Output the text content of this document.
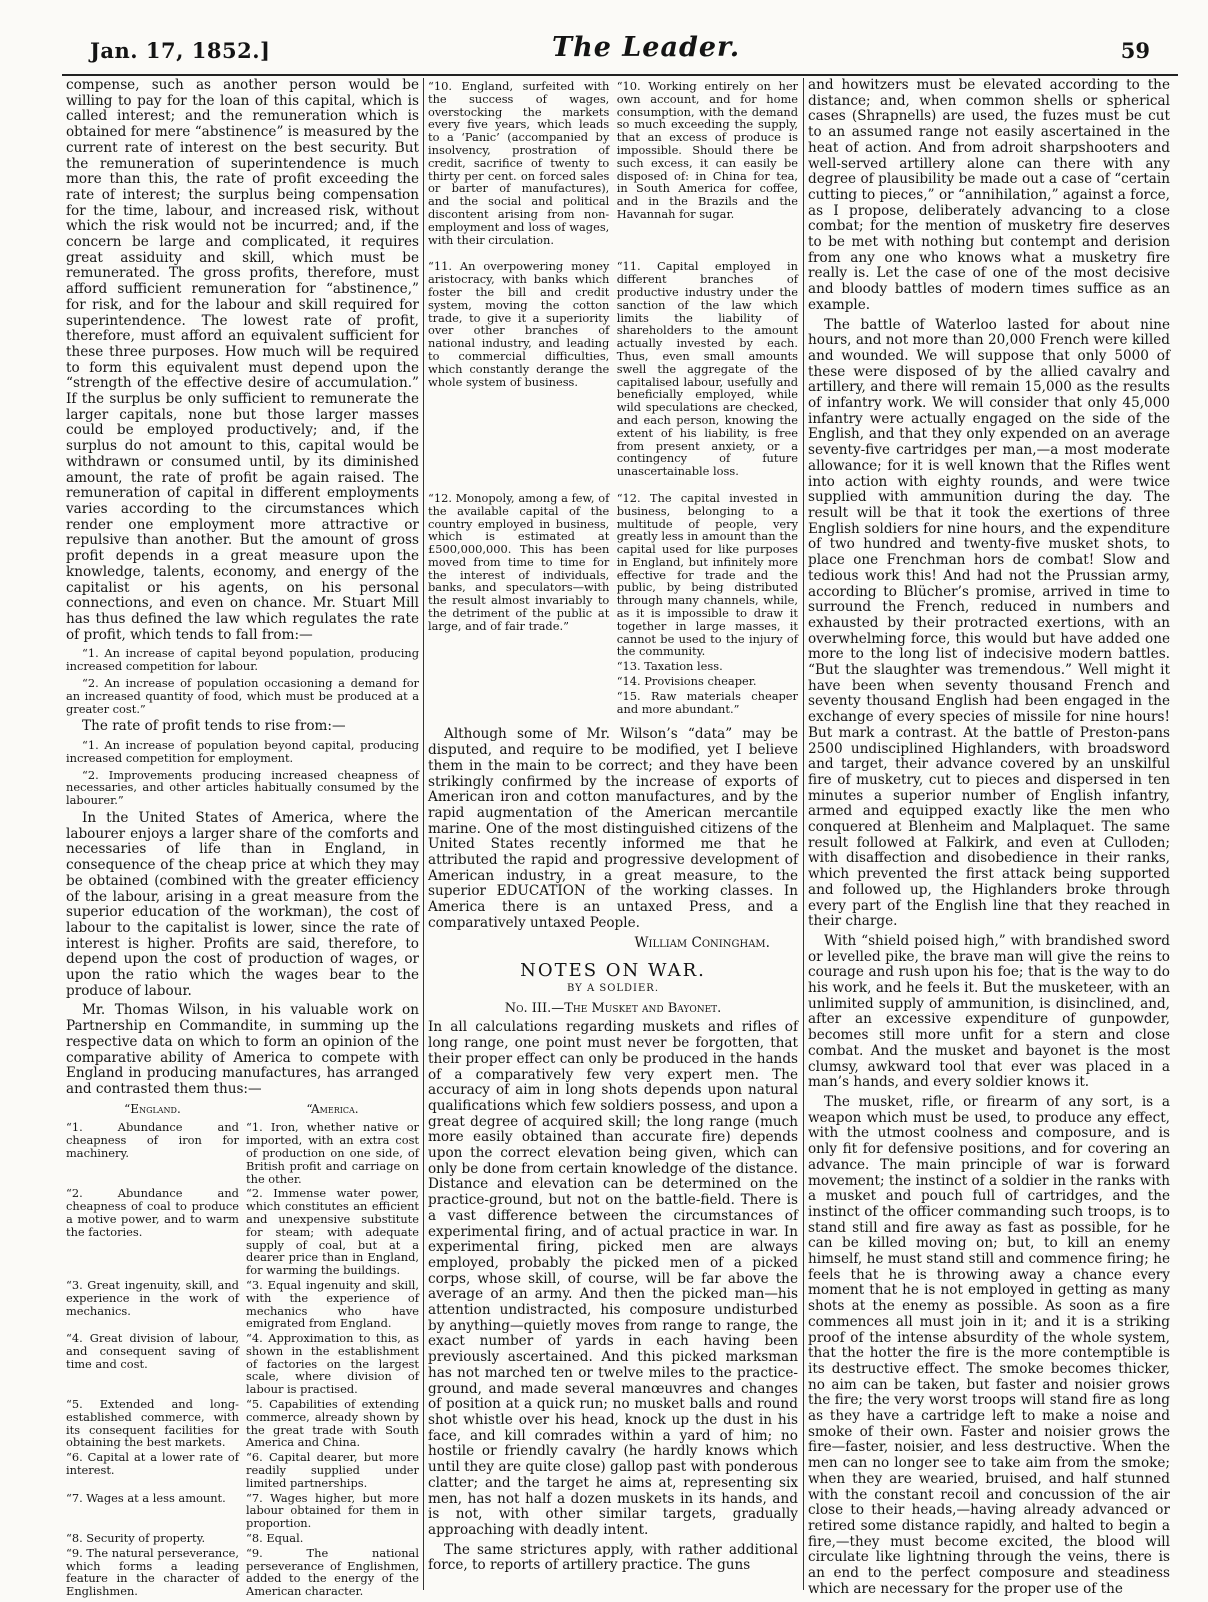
Jan. 17, 1852.]	The Leader.	59

compense, such as another person would be willing to pay for the loan of this capital, which is called interest; and the remuneration which is obtained for mere “abstinence” is measured by the current rate of interest on the best security. But the remuneration of superintendence is much more than this, the rate of profit exceeding the rate of interest; the surplus being compensation for the time, labour, and increased risk, without which the risk would not be incurred; and, if the concern be large and complicated, it requires great assiduity and skill, which must be remunerated. The gross profits, therefore, must afford sufficient remuneration for “abstinence,” for risk, and for the labour and skill required for superintendence. The lowest rate of profit, therefore, must afford an equivalent sufficient for these three purposes. How much will be required to form this equivalent must depend upon the “strength of the effective desire of accumulation.” If the surplus be only sufficient to remunerate the larger capitals, none but those larger masses could be employed productively; and, if the surplus do not amount to this, capital would be withdrawn or consumed until, by its diminished amount, the rate of profit be again raised. The remuneration of capital in different employments varies according to the circumstances which render one employment more attractive or repulsive than another. But the amount of gross profit depends in a great measure upon the knowledge, talents, economy, and energy of the capitalist or his agents, on his personal connections, and even on chance. Mr. Stuart Mill has thus defined the law which regulates the rate of profit, which tends to fall from:—

“1. An increase of capital beyond population, producing increased competition for labour.

“2. An increase of population occasioning a demand for an increased quantity of food, which must be produced at a greater cost.”

The rate of profit tends to rise from:—

“1. An increase of population beyond capital, producing increased competition for employment.

“2. Improvements producing increased cheapness of necessaries, and other articles habitually consumed by the labourer.”

In the United States of America, where the labourer enjoys a larger share of the comforts and necessaries of life than in England, in consequence of the cheap price at which they may be obtained (combined with the greater efficiency of the labour, arising in a great measure from the superior education of the workman), the cost of labour to the capitalist is lower, since the rate of interest is higher. Profits are said, therefore, to depend upon the cost of production of wages, or upon the ratio which the wages bear to the produce of labour.

Mr. Thomas Wilson, in his valuable work on Partnership en Commandite, in summing up the respective data on which to form an opinion of the comparative ability of America to compete with England in producing manufactures, has arranged and contrasted them thus:—

“England.	“America.
“1. Abundance and cheapness of iron for machinery.
“1. Iron, whether native or imported, with an extra cost of production on one side, of British profit and carriage on the other.
“2. Abundance and cheapness of coal to produce a motive power, and to warm the factories.
“2. Immense water power, which constitutes an efficient and unexpensive substitute for steam; with adequate supply of coal, but at a dearer price than in England, for warming the buildings.
“3. Great ingenuity, skill, and experience in the work of mechanics.
“3. Equal ingenuity and skill, with the experience of mechanics who have emigrated from England.
“4. Great division of labour, and consequent saving of time and cost.
“4. Approximation to this, as shown in the establishment of factories on the largest scale, where division of labour is practised.
“5. Extended and long-established commerce, with its consequent facilities for obtaining the best markets.
“5. Capabilities of extending commerce, already shown by the great trade with South America and China.
“6. Capital at a lower rate of interest.
“6. Capital dearer, but more readily supplied under limited partnerships.
“7. Wages at a less amount.	“7. Wages higher, but more labour obtained for them in proportion.
“8. Security of property.	“8. Equal.
“9. The natural perseverance, which forms a leading feature in the character of Englishmen.
“9. The national perseverance of Englishmen, added to the energy of the American character.
“10. England, surfeited with the success of wages, overstocking the markets every five years, which leads to a ‘Panic’ (accompanied by insolvency, prostration of credit, sacrifice of twenty to thirty per cent. on forced sales or barter of manufactures), and the social and political discontent arising from non-employment and loss of wages, with their circulation.
“10. Working entirely on her own account, and for home consumption, with the demand so much exceeding the supply, that an excess of produce is impossible. Should there be such excess, it can easily be disposed of: in China for tea, in South America for coffee, and in the Brazils and the Havannah for sugar.
“11. An overpowering money aristocracy, with banks which foster the bill and credit system, moving the cotton trade, to give it a superiority over other branches of national industry, and leading to commercial difficulties, which constantly derange the whole system of business.
“11. Capital employed in different branches of productive industry under the sanction of the law which limits the liability of shareholders to the amount actually invested by each. Thus, even small amounts swell the aggregate of the capitalised labour, usefully and beneficially employed, while wild speculations are checked, and each person, knowing the extent of his liability, is free from present anxiety, or a contingency of future unascertainable loss.
“12. Monopoly, among a few, of the available capital of the country employed in business, which is estimated at £500,000,000. This has been moved from time to time for the interest of individuals, banks, and speculators—with the result almost invariably to the detriment of the public at large, and of fair trade.”
“12. The capital invested in business, belonging to a multitude of people, very greatly less in amount than the capital used for like purposes in England, but infinitely more effective for trade and the public, by being distributed through many channels, while, as it is impossible to draw it together in large masses, it cannot be used to the injury of the community.
“13. Taxation less.
“14. Provisions cheaper.
“15. Raw materials cheaper and more abundant.”

Although some of Mr. Wilson’s “data” may be disputed, and require to be modified, yet I believe them in the main to be correct; and they have been strikingly confirmed by the increase of exports of American iron and cotton manufactures, and by the rapid augmentation of the American mercantile marine. One of the most distinguished citizens of the United States recently informed me that he attributed the rapid and progressive development of American industry, in a great measure, to the superior EDUCATION of the working classes. In America there is an untaxed Press, and a comparatively untaxed People.

William Coningham.
NOTES ON WAR.
BY A SOLDIER.
No. III.—The Musket and Bayonet.

In all calculations regarding muskets and rifles of long range, one point must never be forgotten, that their proper effect can only be produced in the hands of a comparatively few very expert men. The accuracy of aim in long shots depends upon natural qualifications which few soldiers possess, and upon a great degree of acquired skill; the long range (much more easily obtained than accurate fire) depends upon the correct elevation being given, which can only be done from certain knowledge of the distance. Distance and elevation can be determined on the practice-ground, but not on the battle-field. There is a vast difference between the circumstances of experimental firing, and of actual practice in war. In experimental firing, picked men are always employed, probably the picked men of a picked corps, whose skill, of course, will be far above the average of an army. And then the picked man—his attention undistracted, his composure undisturbed by anything—quietly moves from range to range, the exact number of yards in each having been previously ascertained. And this picked marksman has not marched ten or twelve miles to the practice-ground, and made several manœuvres and changes of position at a quick run; no musket balls and round shot whistle over his head, knock up the dust in his face, and kill comrades within a yard of him; no hostile or friendly cavalry (he hardly knows which until they are quite close) gallop past with ponderous clatter; and the target he aims at, representing six men, has not half a dozen muskets in its hands, and is not, with other similar targets, gradually approaching with deadly intent.

The same strictures apply, with rather additional force, to reports of artillery practice. The guns

and howitzers must be elevated according to the distance; and, when common shells or spherical cases (Shrapnells) are used, the fuzes must be cut to an assumed range not easily ascertained in the heat of action. And from adroit sharpshooters and well-served artillery alone can there with any degree of plausibility be made out a case of “certain cutting to pieces,” or “annihilation,” against a force, as I propose, deliberately advancing to a close combat; for the mention of musketry fire deserves to be met with nothing but contempt and derision from any one who knows what a musketry fire really is. Let the case of one of the most decisive and bloody battles of modern times suffice as an example.

The battle of Waterloo lasted for about nine hours, and not more than 20,000 French were killed and wounded. We will suppose that only 5000 of these were disposed of by the allied cavalry and artillery, and there will remain 15,000 as the results of infantry work. We will consider that only 45,000 infantry were actually engaged on the side of the English, and that they only expended on an average seventy-five cartridges per man,—a most moderate allowance; for it is well known that the Rifles went into action with eighty rounds, and were twice supplied with ammunition during the day. The result will be that it took the exertions of three English soldiers for nine hours, and the expenditure of two hundred and twenty-five musket shots, to place one Frenchman hors de combat! Slow and tedious work this! And had not the Prussian army, according to Blücher’s promise, arrived in time to surround the French, reduced in numbers and exhausted by their protracted exertions, with an overwhelming force, this would but have added one more to the long list of indecisive modern battles. “But the slaughter was tremendous.” Well might it have been when seventy thousand French and seventy thousand English had been engaged in the exchange of every species of missile for nine hours! But mark a contrast. At the battle of Preston-pans 2500 undisciplined Highlanders, with broadsword and target, their advance covered by an unskilful fire of musketry, cut to pieces and dispersed in ten minutes a superior number of English infantry, armed and equipped exactly like the men who conquered at Blenheim and Malplaquet. The same result followed at Falkirk, and even at Culloden; with disaffection and disobedience in their ranks, which prevented the first attack being supported and followed up, the Highlanders broke through every part of the English line that they reached in their charge.

With “shield poised high,” with brandished sword or levelled pike, the brave man will give the reins to courage and rush upon his foe; that is the way to do his work, and he feels it. But the musketeer, with an unlimited supply of ammunition, is disinclined, and, after an excessive expenditure of gunpowder, becomes still more unfit for a stern and close combat. And the musket and bayonet is the most clumsy, awkward tool that ever was placed in a man’s hands, and every soldier knows it.

The musket, rifle, or firearm of any sort, is a weapon which must be used, to produce any effect, with the utmost coolness and composure, and is only fit for defensive positions, and for covering an advance. The main principle of war is forward movement; the instinct of a soldier in the ranks with a musket and pouch full of cartridges, and the instinct of the officer commanding such troops, is to stand still and fire away as fast as possible, for he can be killed moving on; but, to kill an enemy himself, he must stand still and commence firing; he feels that he is throwing away a chance every moment that he is not employed in getting as many shots at the enemy as possible. As soon as a fire commences all must join in it; and it is a striking proof of the intense absurdity of the whole system, that the hotter the fire is the more contemptible is its destructive effect. The smoke becomes thicker, no aim can be taken, but faster and noisier grows the fire; the very worst troops will stand fire as long as they have a cartridge left to make a noise and smoke of their own. Faster and noisier grows the fire—faster, noisier, and less destructive. When the men can no longer see to take aim from the smoke; when they are wearied, bruised, and half stunned with the constant recoil and concussion of the air close to their heads,—having already advanced or retired some distance rapidly, and halted to begin a fire,—they must become excited, the blood will circulate like lightning through the veins, there is an end to the perfect composure and steadiness which are necessary for the proper use of the
